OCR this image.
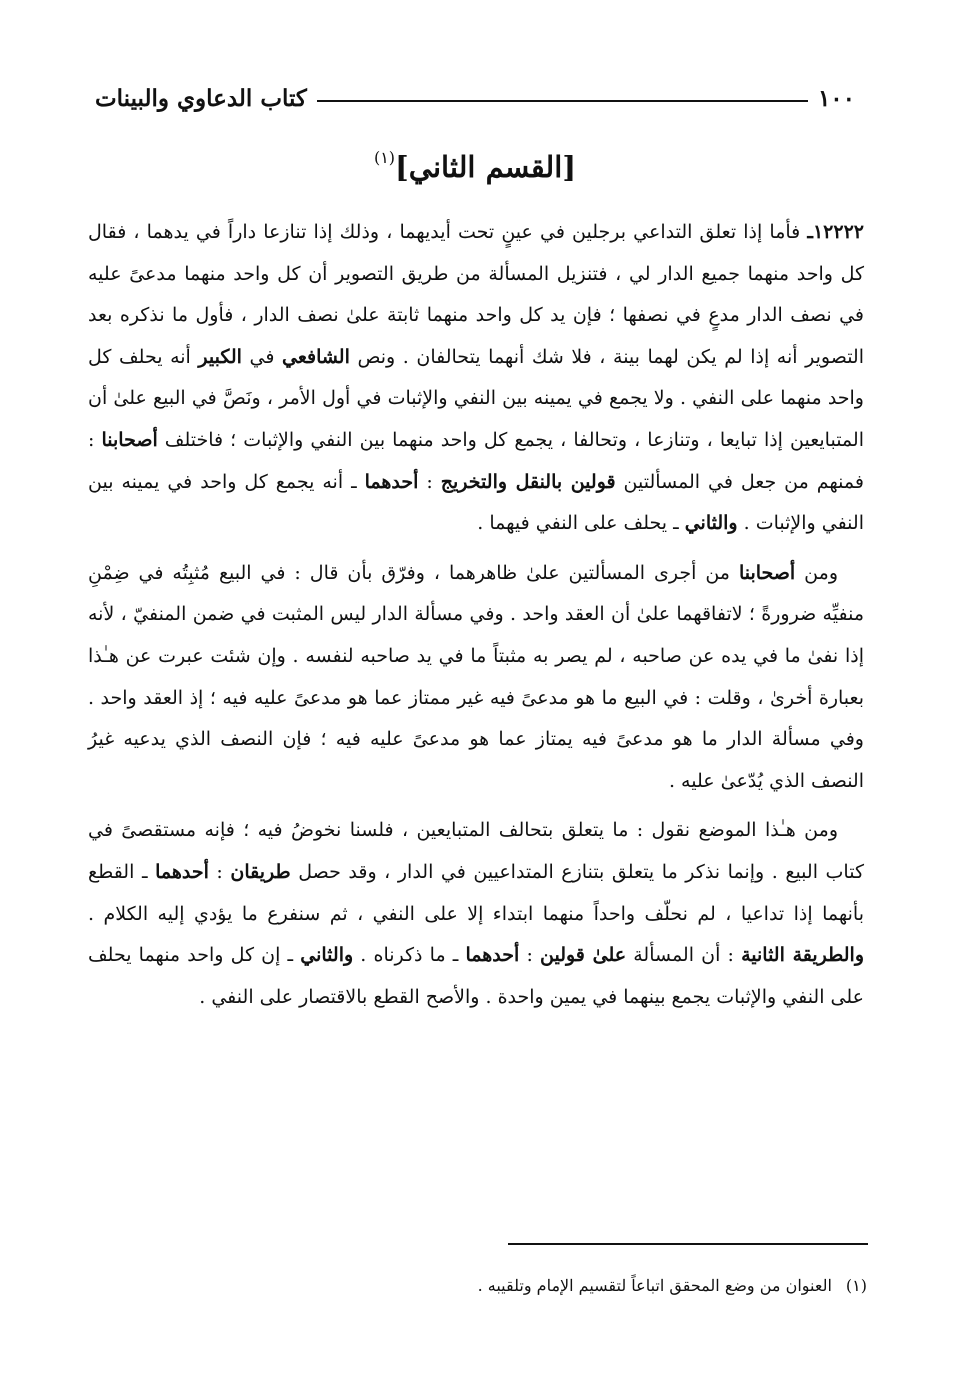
١٠٠
كتاب الدعاوي والبينات
[القسم الثاني]$^{(١)}$

١٢٢٢٢ـ فأما إذا تعلق التداعي برجلين في عينٍ تحت أيديهما ، وذلك إذا تنازعا داراً في يدهما ، فقال كل واحد منهما جميع الدار لي ، فتنزيل المسألة من طريق التصوير أن كل واحد منهما مدعىً عليه في نصف الدار مدعٍ في نصفها ؛ فإن يد كل واحد منهما ثابتة علىٰ نصف الدار ، فأول ما نذكره بعد التصوير أنه إذا لم يكن لهما بينة ، فلا شك أنهما يتحالفان . ونص الشافعي في الكبير أنه يحلف كل واحد منهما على النفي . ولا يجمع في يمينه بين النفي والإثبات في أول الأمر ، ونَصَّ في البيع علىٰ أن المتبايعين إذا تبايعا ، وتنازعا ، وتحالفا ، يجمع كل واحد منهما بين النفي والإثبات ؛ فاختلف أصحابنا : فمنهم من جعل في المسألتين قولين بالنقل والتخريج : أحدهما ـ أنه يجمع كل واحد في يمينه بين النفي والإثبات . والثاني ـ يحلف على النفي فيهما .

ومن أصحابنا من أجرى المسألتين علىٰ ظاهرهما ، وفرّق بأن قال : في البيع مُثبِتُه في ضِمْنِ منفيِّه ضرورةً ؛ لاتفاقهما علىٰ أن العقد واحد . وفي مسألة الدار ليس المثبت في ضمن المنفيّ ، لأنه إذا نفىٰ ما في يده عن صاحبه ، لم يصر به مثبتاً ما في يد صاحبه لنفسه . وإن شئت عبرت عن هـٰذا بعبارة أخرىٰ ، وقلت : في البيع ما هو مدعىً فيه غير ممتاز عما هو مدعىً عليه فيه ؛ إذ العقد واحد . وفي مسألة الدار ما هو مدعىً فيه يمتاز عما هو مدعىً عليه فيه ؛ فإن النصف الذي يدعيه غيرُ النصف الذي يُدّعىٰ عليه .

ومن هـٰذا الموضع نقول : ما يتعلق بتحالف المتبايعين ، فلسنا نخوضُ فيه ؛ فإنه مستقصىً في كتاب البيع . وإنما نذكر ما يتعلق بتنازع المتداعيين في الدار ، وقد حصل طريقان : أحدهما ـ القطع بأنهما إذا تداعيا ، لم نحلّف واحداً منهما ابتداء إلا على النفي ، ثم سنفرع ما يؤدي إليه الكلام . والطريقة الثانية : أن المسألة علىٰ قولين : أحدهما ـ ما ذكرناه . والثاني ـ إن كل واحد منهما يحلف على النفي والإثبات يجمع بينهما في يمين واحدة . والأصح القطع بالاقتصار على النفي .

(١)العنوان من وضع المحقق اتباعاً لتقسيم الإمام وتلقيبه .
